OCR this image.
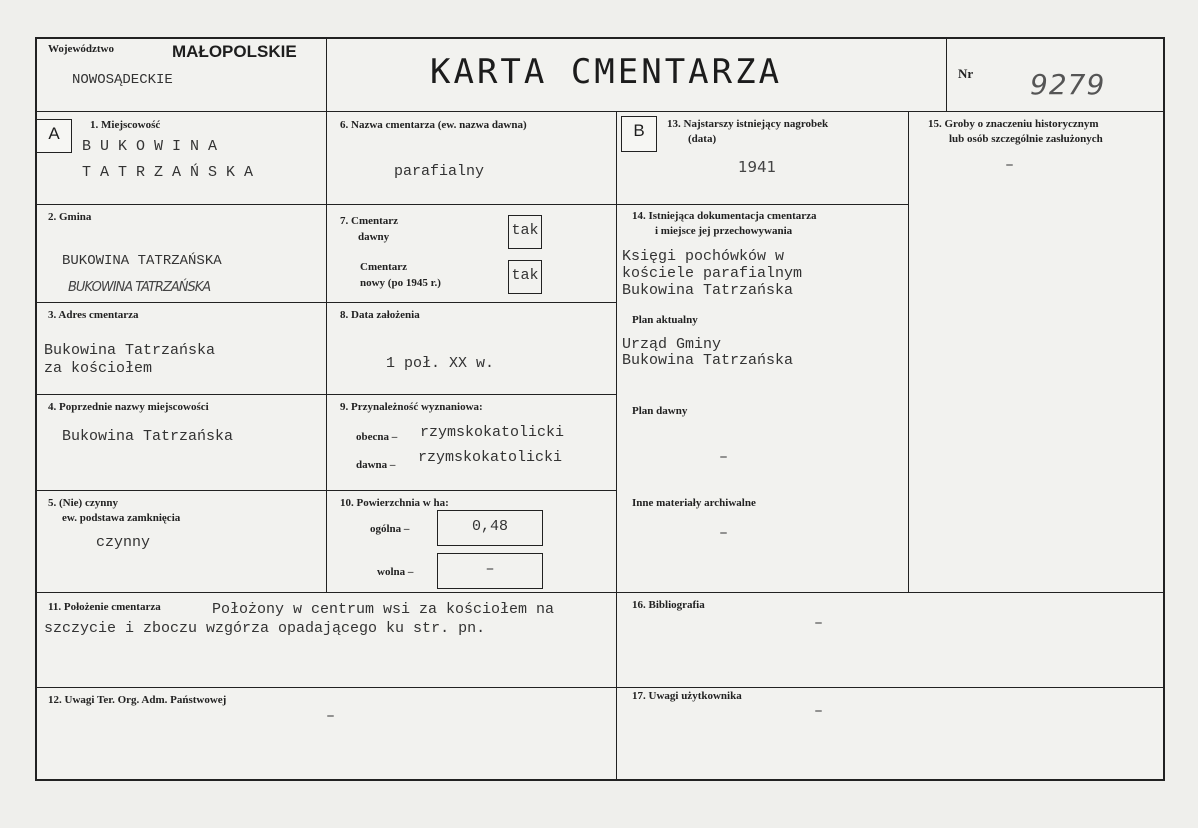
Województwo	MAŁOPOLSKIE
NOWOSĄDECKIE	KARTA CMENTARZA	Nr 9279
A	B
1. Miejscowość
B U K O W I N A
T A T R Z A Ń S K A
2. Gmina
BUKOWINA TATRZAŃSKA
BUKOWINA TATRZAŃSKA
3. Adres cmentarza
Bukowina Tatrzańska
za kościołem
4. Poprzednie nazwy miejscowości
Bukowina Tatrzańska
5. (Nie) czynny
ew. podstawa zamknięcia
czynny
6. Nazwa cmentarza (ew. nazwa dawna)
parafialny
7. Cmentarz
dawny	tak
Cmentarz
nowy (po 1945 r.)	tak
8. Data założenia
1 poł. XX w.
9. Przynależność wyznaniowa:
obecna – rzymskokatolicki
dawna – rzymskokatolicki
10. Powierzchnia w ha:
ogólna –	0,48
wolna –	–
11. Położenie cmentarza	Położony w centrum wsi za kościołem na
szczycie i zboczu wzgórza opadającego ku str. pn.
12. Uwagi Ter. Org. Adm. Państwowej
–
13. Najstarszy istniejący nagrobek
(data)
1941
14. Istniejąca dokumentacja cmentarza
i miejsce jej przechowywania
Księgi pochówków w
kościele parafialnym
Bukowina Tatrzańska
Plan aktualny
Urząd Gminy
Bukowina Tatrzańska
Plan dawny
–
Inne materiały archiwalne
–
15. Groby o znaczeniu historycznym
lub osób szczególnie zasłużonych
–
16. Bibliografia
–
17. Uwagi użytkownika
–
